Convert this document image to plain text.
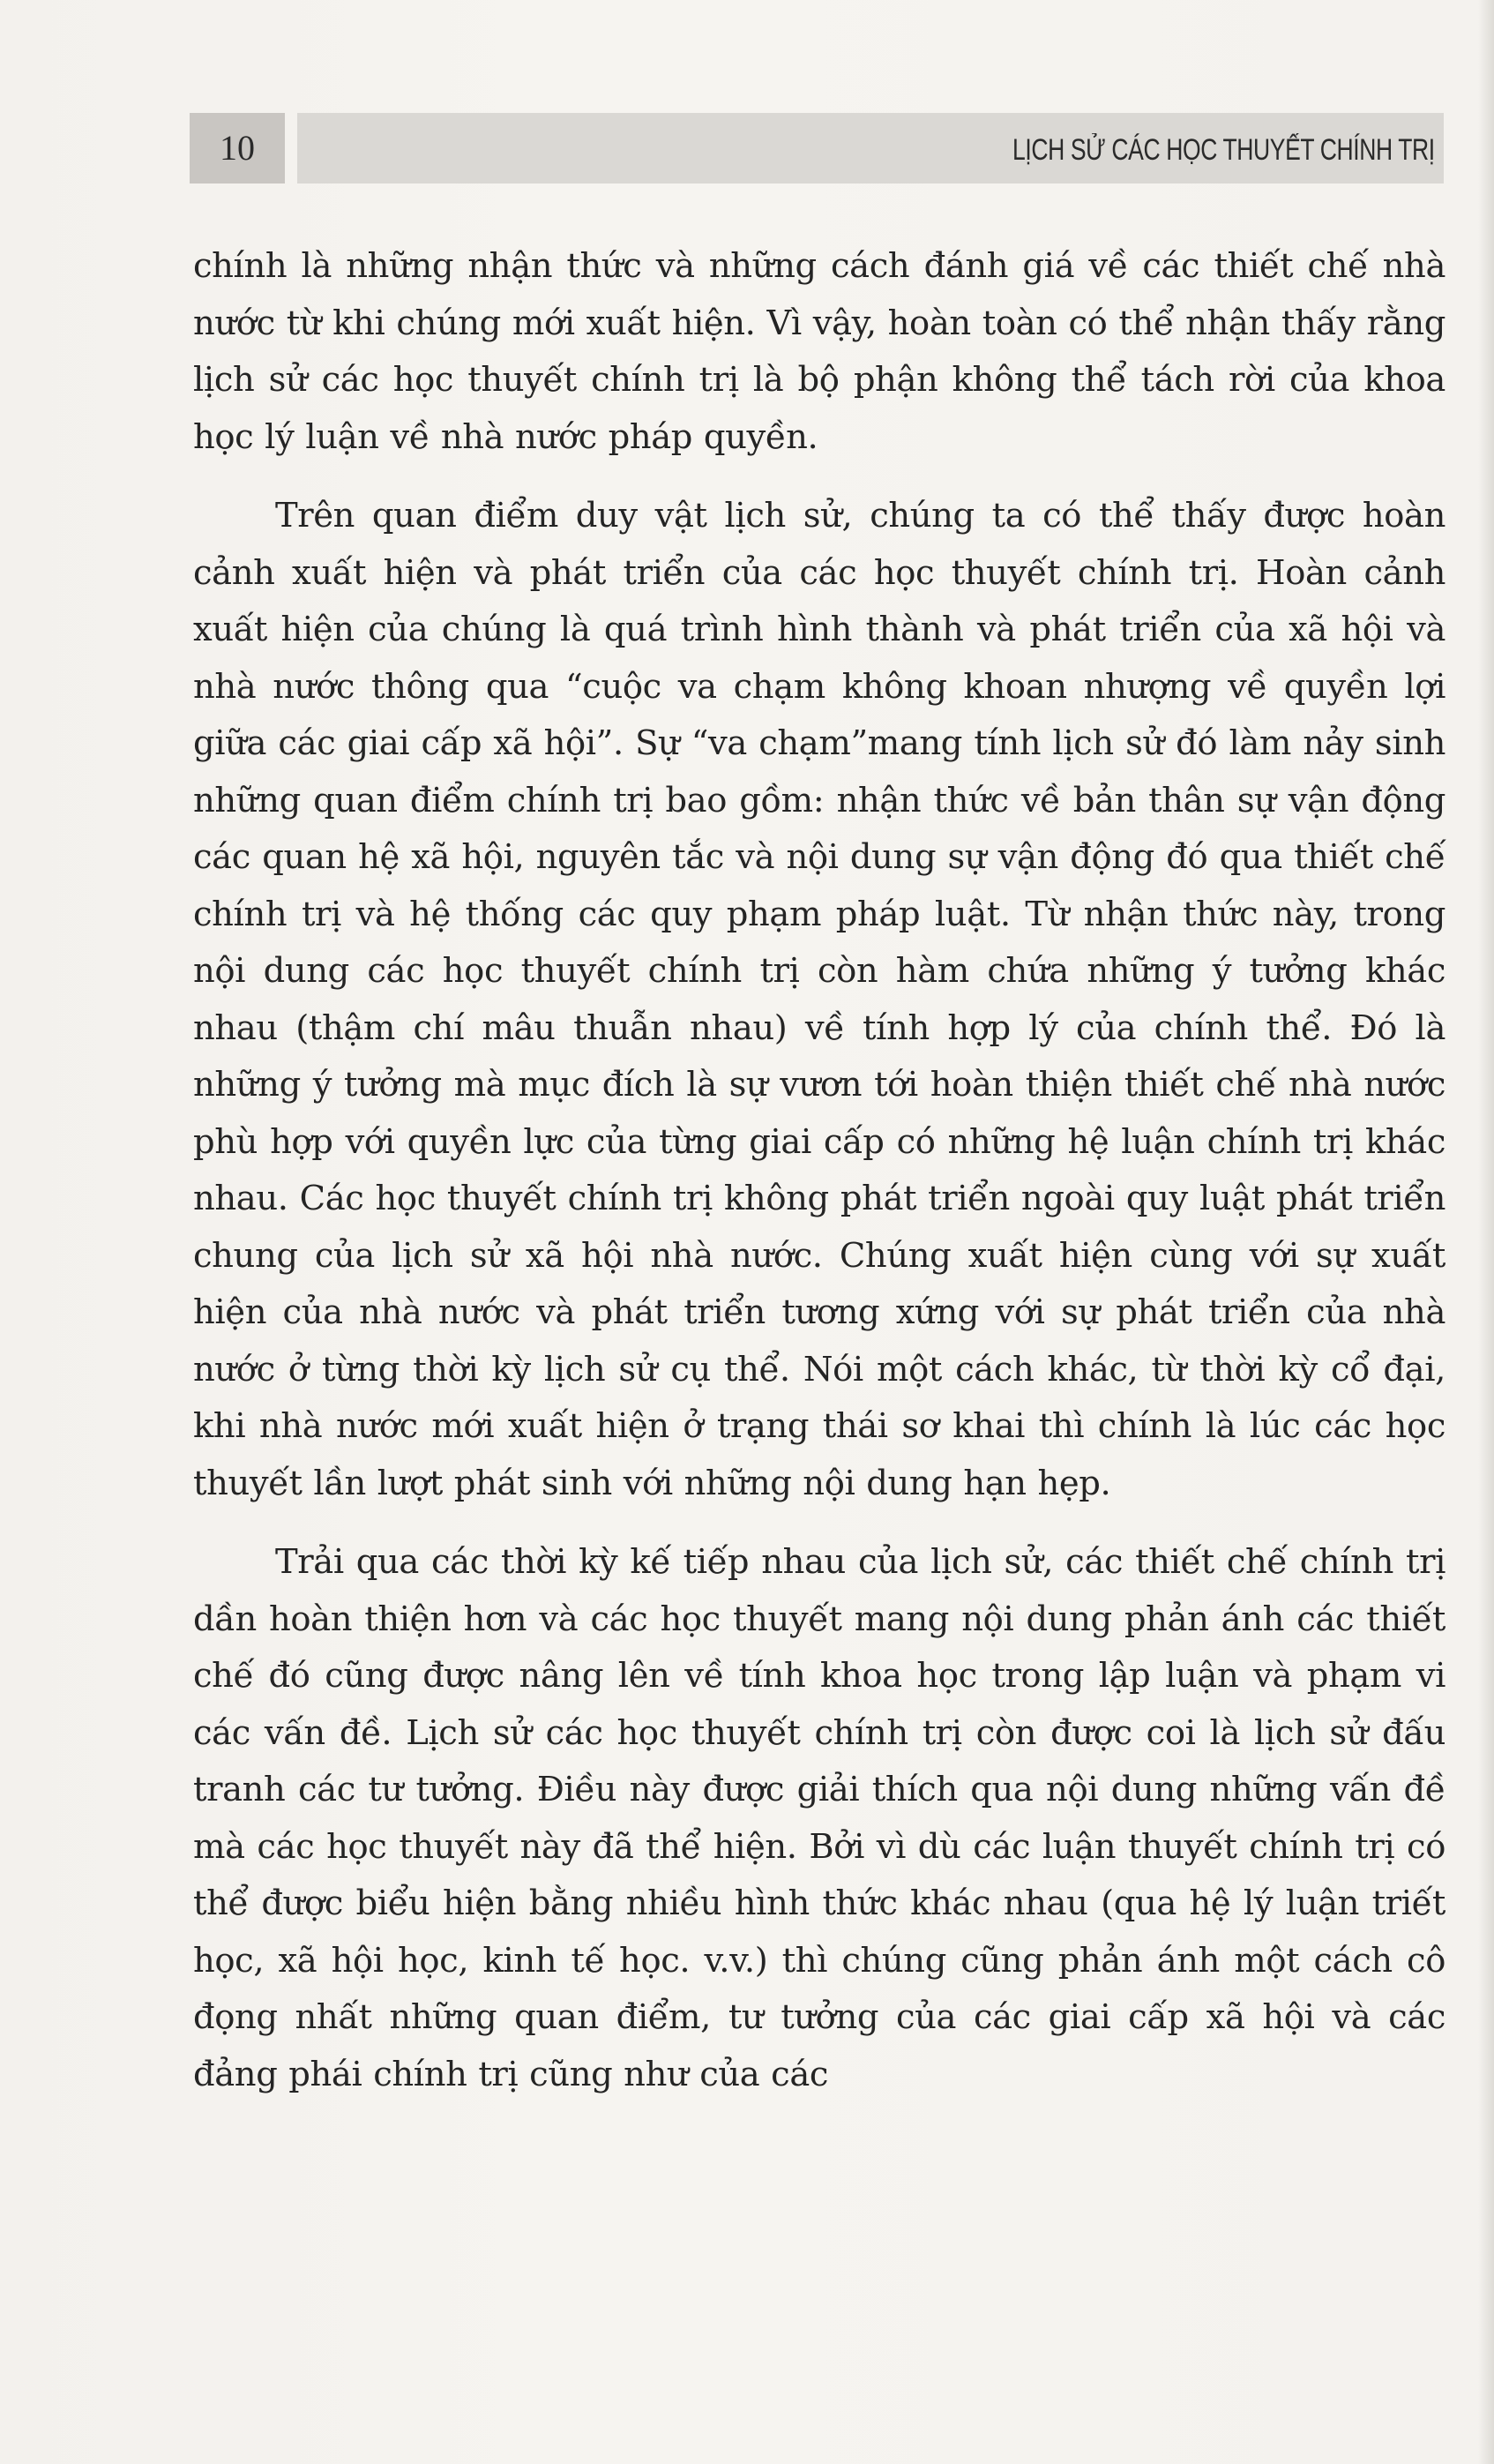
10	LỊCH SỬ CÁC HỌC THUYẾT CHÍNH TRỊ

chính là những nhận thức và những cách đánh giá về các thiết chế nhà nước từ khi chúng mới xuất hiện. Vì vậy, hoàn toàn có thể nhận thấy rằng lịch sử các học thuyết chính trị là bộ phận không thể tách rời của khoa học lý luận về nhà nước pháp quyền.

Trên quan điểm duy vật lịch sử, chúng ta có thể thấy được hoàn cảnh xuất hiện và phát triển của các học thuyết chính trị. Hoàn cảnh xuất hiện của chúng là quá trình hình thành và phát triển của xã hội và nhà nước thông qua “cuộc va chạm không khoan nhượng về quyền lợi giữa các giai cấp xã hội”. Sự “va chạm”mang tính lịch sử đó làm nảy sinh những quan điểm chính trị bao gồm: nhận thức về bản thân sự vận động các quan hệ xã hội, nguyên tắc và nội dung sự vận động đó qua thiết chế chính trị và hệ thống các quy phạm pháp luật. Từ nhận thức này, trong nội dung các học thuyết chính trị còn hàm chứa những ý tưởng khác nhau (thậm chí mâu thuẫn nhau) về tính hợp lý của chính thể. Đó là những ý tưởng mà mục đích là sự vươn tới hoàn thiện thiết chế nhà nước phù hợp với quyền lực của từng giai cấp có những hệ luận chính trị khác nhau. Các học thuyết chính trị không phát triển ngoài quy luật phát triển chung của lịch sử xã hội nhà nước. Chúng xuất hiện cùng với sự xuất hiện của nhà nước và phát triển tương xứng với sự phát triển của nhà nước ở từng thời kỳ lịch sử cụ thể. Nói một cách khác, từ thời kỳ cổ đại, khi nhà nước mới xuất hiện ở trạng thái sơ khai thì chính là lúc các học thuyết lần lượt phát sinh với những nội dung hạn hẹp.

Trải qua các thời kỳ kế tiếp nhau của lịch sử, các thiết chế chính trị dần hoàn thiện hơn và các học thuyết mang nội dung phản ánh các thiết chế đó cũng được nâng lên về tính khoa học trong lập luận và phạm vi các vấn đề. Lịch sử các học thuyết chính trị còn được coi là lịch sử đấu tranh các tư tưởng. Điều này được giải thích qua nội dung những vấn đề mà các học thuyết này đã thể hiện. Bởi vì dù các luận thuyết chính trị có thể được biểu hiện bằng nhiều hình thức khác nhau (qua hệ lý luận triết học, xã hội học, kinh tế học. v.v.) thì chúng cũng phản ánh một cách cô đọng nhất những quan điểm, tư tưởng của các giai cấp xã hội và các đảng phái chính trị cũng như của các
